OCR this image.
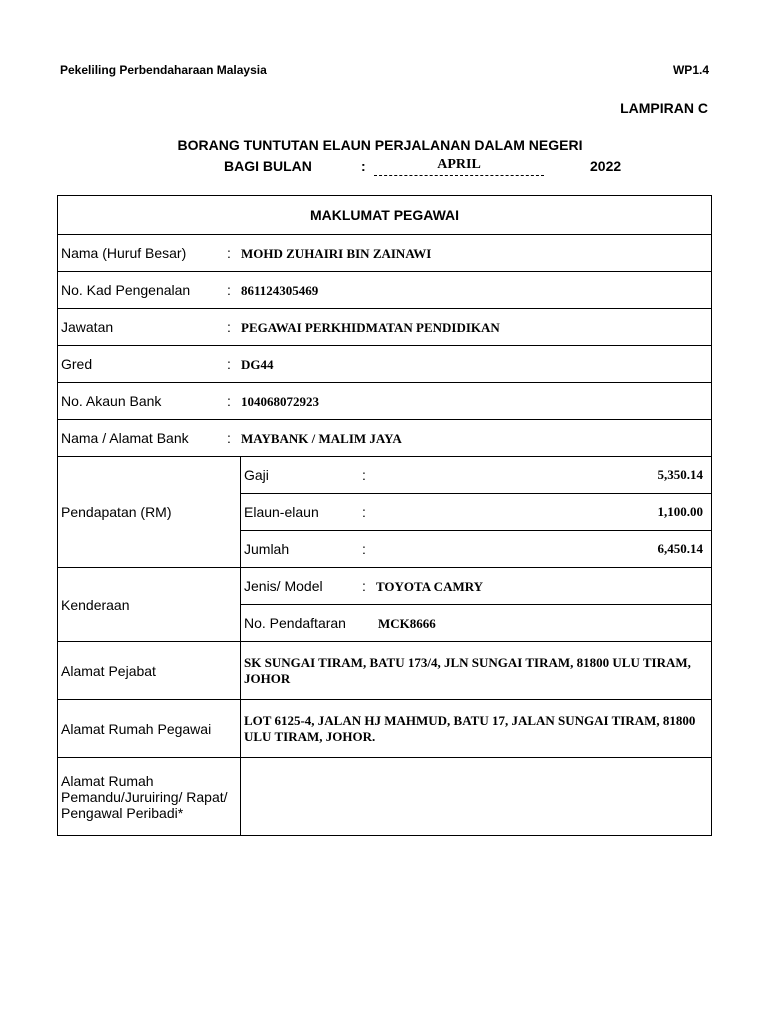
Pekeliling Perbendaharaan Malaysia	WP1.4
LAMPIRAN C
BORANG TUNTUTAN ELAUN PERJALANAN DALAM NEGERI
BAGI BULAN	:	APRIL	2022
MAKLUMAT PEGAWAI	
Nama (Huruf Besar) : MOHD ZUHAIRI BIN ZAINAWI	
No. Kad Pengenalan : 861124305469	
Jawatan : PEGAWAI PERKHIDMATAN PENDIDIKAN	
Gred : DG44	
No. Akaun Bank : 104068072923	
Nama / Alamat Bank : MAYBANK / MALIM JAYA	
Pendapatan (RM)	Gaji : 5,350.14

	Elaun-elaun : 1,100.00

	Jumlah : 6,450.14

Kenderaan	Jenis/ Model : TOYOTA CAMRY
	No. Pendaftaran MCK8666
Alamat Pejabat	SK SUNGAI TIRAM, BATU 173/4, JLN SUNGAI TIRAM, 81800 ULU TIRAM, JOHOR
Alamat Rumah Pegawai	LOT 6125-4, JALAN HJ MAHMUD, BATU 17, JALAN SUNGAI TIRAM, 81800 ULU TIRAM, JOHOR.
Alamat Rumah Pemandu/Juruiring/ Rapat/ Pengawal Peribadi*	
